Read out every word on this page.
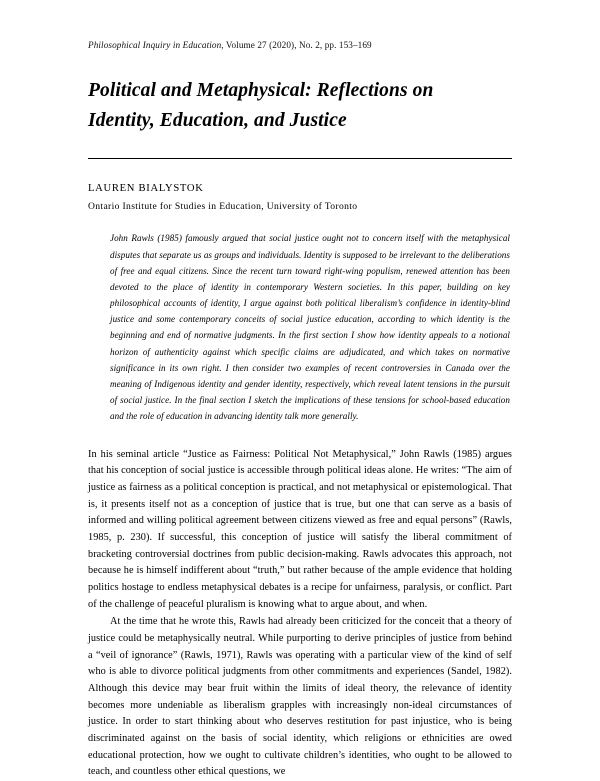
Philosophical Inquiry in Education, Volume 27 (2020), No. 2, pp. 153–169

Political and Metaphysical: Reflections on
Identity, Education, and Justice

LAUREN BIALYSTOK

Ontario Institute for Studies in Education, University of Toronto

John Rawls (1985) famously argued that social justice ought not to concern itself with the metaphysical disputes that separate us as groups and individuals. Identity is supposed to be irrelevant to the deliberations of free and equal citizens. Since the recent turn toward right-wing populism, renewed attention has been devoted to the place of identity in contemporary Western societies. In this paper, building on key philosophical accounts of identity, I argue against both political liberalism’s confidence in identity-blind justice and some contemporary conceits of social justice education, according to which identity is the beginning and end of normative judgments. In the first section I show how identity appeals to a notional horizon of authenticity against which specific claims are adjudicated, and which takes on normative significance in its own right. I then consider two examples of recent controversies in Canada over the meaning of Indigenous identity and gender identity, respectively, which reveal latent tensions in the pursuit of social justice. In the final section I sketch the implications of these tensions for school-based education and the role of education in advancing identity talk more generally.

In his seminal article “Justice as Fairness: Political Not Metaphysical,” John Rawls (1985) argues that his conception of social justice is accessible through political ideas alone. He writes: “The aim of justice as fairness as a political conception is practical, and not metaphysical or epistemological. That is, it presents itself not as a conception of justice that is true, but one that can serve as a basis of informed and willing political agreement between citizens viewed as free and equal persons” (Rawls, 1985, p. 230). If successful, this conception of justice will satisfy the liberal commitment of bracketing controversial doctrines from public decision-making. Rawls advocates this approach, not because he is himself indifferent about “truth,” but rather because of the ample evidence that holding politics hostage to endless metaphysical debates is a recipe for unfairness, paralysis, or conflict. Part of the challenge of peaceful pluralism is knowing what to argue about, and when.

At the time that he wrote this, Rawls had already been criticized for the conceit that a theory of justice could be metaphysically neutral. While purporting to derive principles of justice from behind a “veil of ignorance” (Rawls, 1971), Rawls was operating with a particular view of the kind of self who is able to divorce political judgments from other commitments and experiences (Sandel, 1982). Although this device may bear fruit within the limits of ideal theory, the relevance of identity becomes more undeniable as liberalism grapples with increasingly non-ideal circumstances of justice. In order to start thinking about who deserves restitution for past injustice, who is being discriminated against on the basis of social identity, which religions or ethnicities are owed educational protection, how we ought to cultivate children’s identities, who ought to be allowed to teach, and countless other ethical questions, we
